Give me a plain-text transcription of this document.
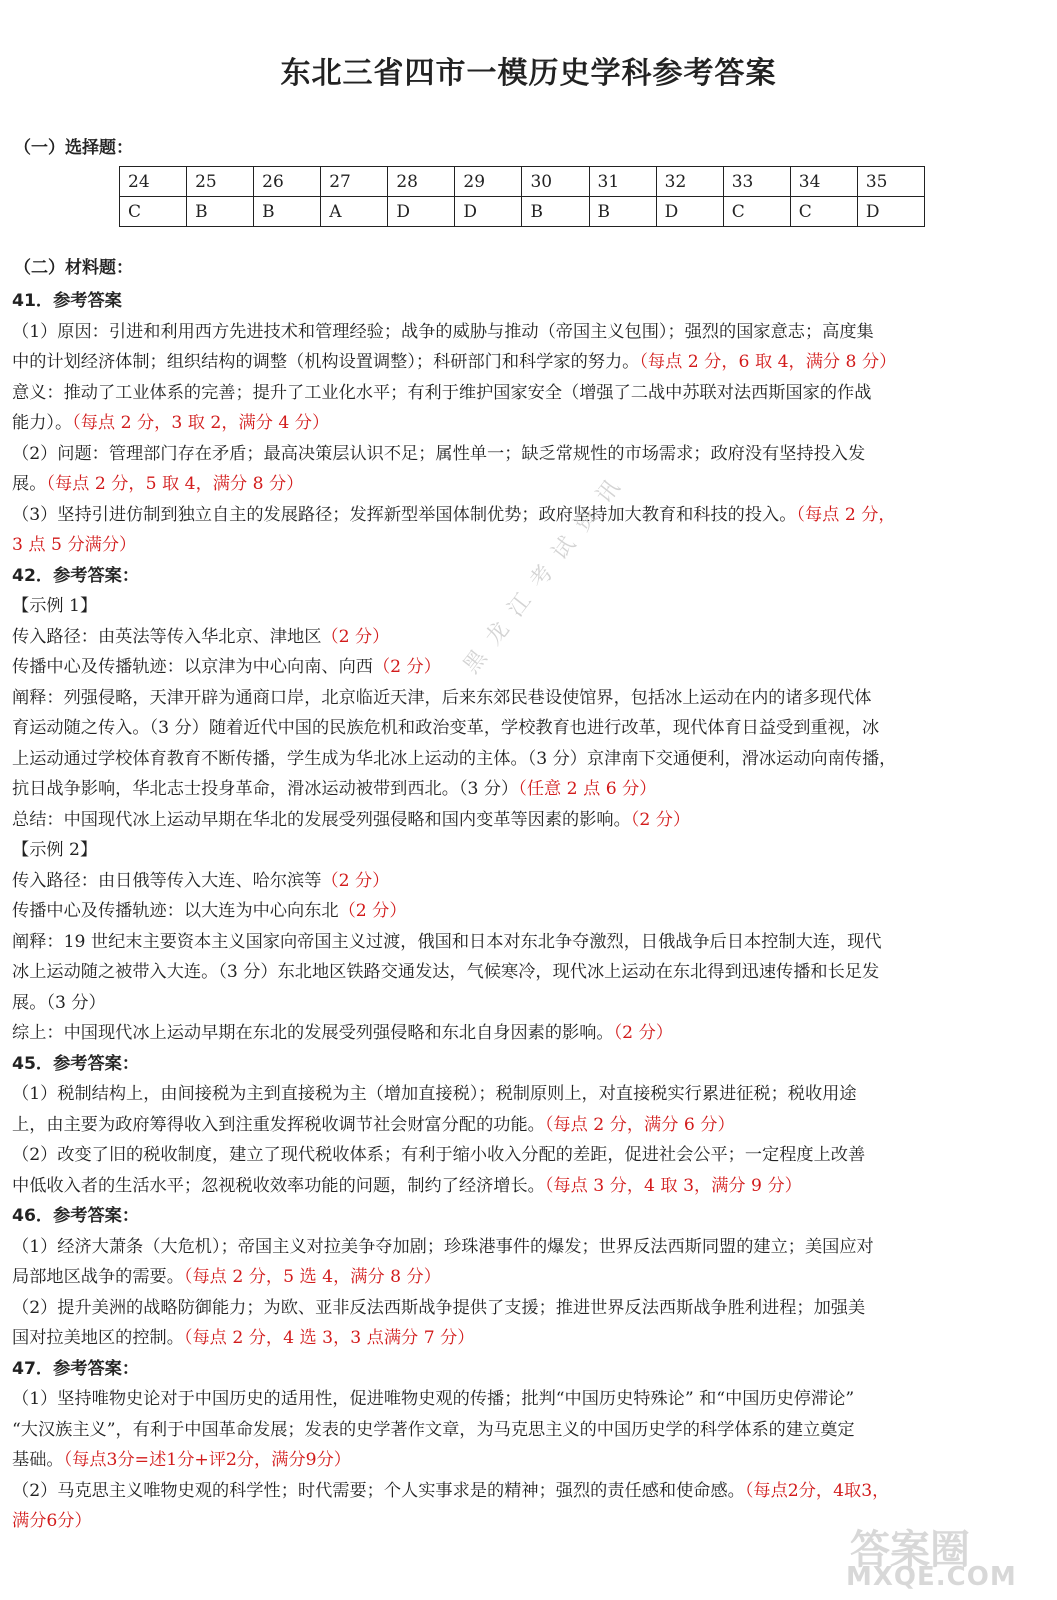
东北三省四市一模历史学科参考答案
（一）选择题：
24	25	26	27	28	29	30	31	32	33	34	35
C	B	B	A	D	D	B	B	D	C	C	D
（二）材料题：

41．参考答案

（1）原因：引进和利用西方先进技术和管理经验；战争的威胁与推动（帝国主义包围）；强烈的国家意志；高度集

中的计划经济体制；组织结构的调整（机构设置调整）；科研部门和科学家的努力。（每点 2 分，6 取 4，满分 8 分）

意义：推动了工业体系的完善；提升了工业化水平；有利于维护国家安全（增强了二战中苏联对法西斯国家的作战

能力）。（每点 2 分，3 取 2，满分 4 分）

（2）问题：管理部门存在矛盾；最高决策层认识不足；属性单一；缺乏常规性的市场需求；政府没有坚持投入发

展。（每点 2 分，5 取 4，满分 8 分）

（3）坚持引进仿制到独立自主的发展路径；发挥新型举国体制优势；政府坚持加大教育和科技的投入。（每点 2 分，

3 点 5 分满分）

42．参考答案：

【示例 1】

传入路径：由英法等传入华北京、津地区（2 分）

传播中心及传播轨迹：以京津为中心向南、向西（2 分）

阐释：列强侵略，天津开辟为通商口岸，北京临近天津，后来东郊民巷设使馆界，包括冰上运动在内的诸多现代体

育运动随之传入。（3 分）随着近代中国的民族危机和政治变革，学校教育也进行改革，现代体育日益受到重视，冰

上运动通过学校体育教育不断传播，学生成为华北冰上运动的主体。（3 分）京津南下交通便利，滑冰运动向南传播，

抗日战争影响，华北志士投身革命，滑冰运动被带到西北。（3 分）（任意 2 点 6 分）

总结：中国现代冰上运动早期在华北的发展受列强侵略和国内变革等因素的影响。（2 分）

【示例 2】

传入路径：由日俄等传入大连、哈尔滨等（2 分）

传播中心及传播轨迹：以大连为中心向东北（2 分）

阐释：19 世纪末主要资本主义国家向帝国主义过渡，俄国和日本对东北争夺激烈，日俄战争后日本控制大连，现代

冰上运动随之被带入大连。（3 分）东北地区铁路交通发达，气候寒冷，现代冰上运动在东北得到迅速传播和长足发

展。（3 分）

综上：中国现代冰上运动早期在东北的发展受列强侵略和东北自身因素的影响。（2 分）

45．参考答案：

（1）税制结构上，由间接税为主到直接税为主（增加直接税）；税制原则上，对直接税实行累进征税；税收用途

上，由主要为政府筹得收入到注重发挥税收调节社会财富分配的功能。（每点 2 分，满分 6 分）

（2）改变了旧的税收制度，建立了现代税收体系；有利于缩小收入分配的差距，促进社会公平；一定程度上改善

中低收入者的生活水平；忽视税收效率功能的问题，制约了经济增长。（每点 3 分，4 取 3，满分 9 分）

46．参考答案：

（1）经济大萧条（大危机）；帝国主义对拉美争夺加剧；珍珠港事件的爆发；世界反法西斯同盟的建立；美国应对

局部地区战争的需要。（每点 2 分，5 选 4，满分 8 分）

（2）提升美洲的战略防御能力；为欧、亚非反法西斯战争提供了支援；推进世界反法西斯战争胜利进程；加强美

国对拉美地区的控制。（每点 2 分，4 选 3，3 点满分 7 分）

47．参考答案：

（1）坚持唯物史论对于中国历史的适用性，促进唯物史观的传播；批判“中国历史特殊论” 和“中国历史停滞论”

“大汉族主义”，有利于中国革命发展；发表的史学著作文章，为马克思主义的中国历史学的科学体系的建立奠定

基础。（每点3分=述1分+评2分，满分9分）

（2）马克思主义唯物史观的科学性；时代需要；个人实事求是的精神；强烈的责任感和使命感。（每点2分，4取3，

满分6分）

黑龙江考试资讯
答案圈
MXQE.COM
